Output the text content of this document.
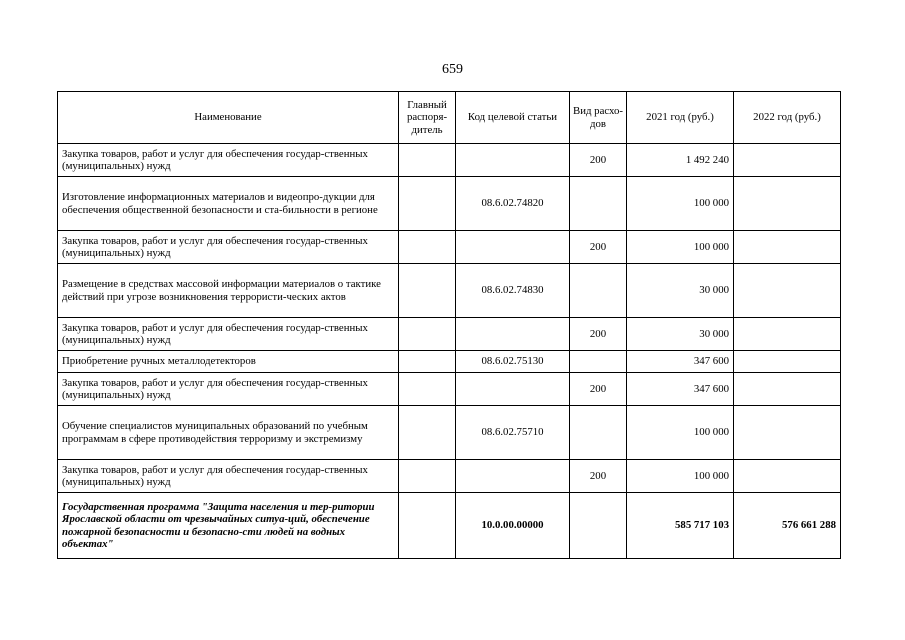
659
Наименование	Главный распоря-дитель	Код целевой статьи	Вид расхо-дов	2021 год (руб.)	2022 год (руб.)
Закупка товаров, работ и услуг для обеспечения государ-ственных (муниципальных) нужд			200	1 492 240	
Изготовление информационных материалов и видеопро-дукции для обеспечения общественной безопасности и ста-бильности в регионе		08.6.02.74820		100 000	
Закупка товаров, работ и услуг для обеспечения государ-ственных (муниципальных) нужд			200	100 000	
Размещение в средствах массовой информации материалов о тактике действий при угрозе возникновения террористи-ческих актов		08.6.02.74830		30 000	
Закупка товаров, работ и услуг для обеспечения государ-ственных (муниципальных) нужд			200	30 000	
Приобретение ручных металлодетекторов		08.6.02.75130		347 600	
Закупка товаров, работ и услуг для обеспечения государ-ственных (муниципальных) нужд			200	347 600	
Обучение специалистов муниципальных образований по учебным программам в сфере противодействия терроризму и экстремизму		08.6.02.75710		100 000	
Закупка товаров, работ и услуг для обеспечения государ-ственных (муниципальных) нужд			200	100 000	
Государственная программа "Защита населения и тер-ритории Ярославской области от чрезвычайных ситуа-ций, обеспечение пожарной безопасности и безопасно-сти людей на водных объектах"		10.0.00.00000		585 717 103	576 661 288
